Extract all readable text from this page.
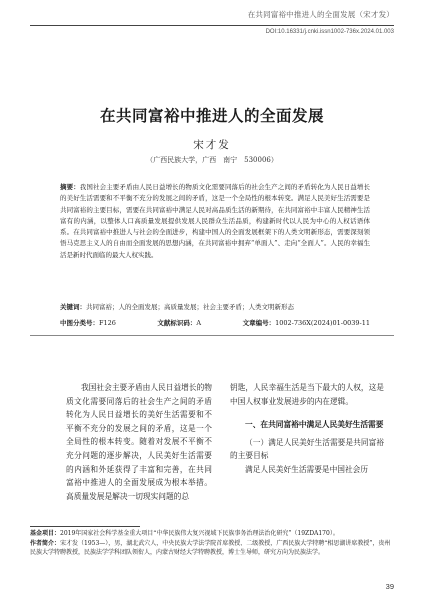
在共同富裕中推进人的全面发展（宋才发）
DOI:10.16331/j.cnki.issn1002-736x.2024.01.003
在共同富裕中推进人的全面发展
宋才发
（广西民族大学，广西　南宁　530006）
摘要：我国社会主要矛盾由人民日益增长的物质文化需要同落后的社会生产之间的矛盾转化为人民日益增长的美好生活需要和不平衡不充分的发展之间的矛盾，这是一个全局性的根本转变。满足人民美好生活需要是共同富裕的主要目标，需要在共同富裕中满足人民对高品质生活的新期待，在共同富裕中丰富人民精神生活富有的内涵，以整体人口高质量发展提供发展人民群众生活品质，构建新时代以人民为中心的人权话语体系。在共同富裕中推进人与社会的全面进步，构建中国人的全面发展框架下的人类文明新形态，需要深刻领悟马克思主义人的自由而全面发展的思想内涵，在共同富裕中拥弃“单面人”、走向“全面人”。人民的幸福生活是新时代面临的最大人权实践。
关键词：共同富裕；人的全面发展；高质量发展；社会主要矛盾；人类文明新形态
中图分类号：F126	文献标识码：A	文章编号：1002-736X(2024)01-0039-11
我国社会主要矛盾由人民日益增长的物质文化需要同落后的社会生产之间的矛盾转化为人民日益增长的美好生活需要和不平衡不充分的发展之间的矛盾，这是一个全局性的根本转变。随着对发展不平衡不充分问题的逐步解决，人民美好生活需要的内涵和外延获得了丰富和完善，在共同富裕中推进人的全面发展成为根本举措。高质量发展是解决一切现实问题的总
钥匙，人民幸福生活是当下最大的人权，这是中国人权事业发展进步的内在逻辑。
一、在共同富裕中满足人民美好生活需要
（一）满足人民美好生活需要是共同富裕的主要目标
满足人民美好生活需要是中国社会历
基金项目：2019年国家社会科学基金重大项目“中华民族伟大复兴视域下民族事务治理法治化研究”（19ZDA170）。
作者简介：宋才发（1953—），男，湖北武穴人，中央民族大学法学院首席教授、二级教授，广西民族大学特聘“相思湖讲席教授”，贵州民族大学特聘教授，民族法学学科团队领衔人，内蒙古财经大学特聘教授，博士生导师，研究方向为民族法学。
39
